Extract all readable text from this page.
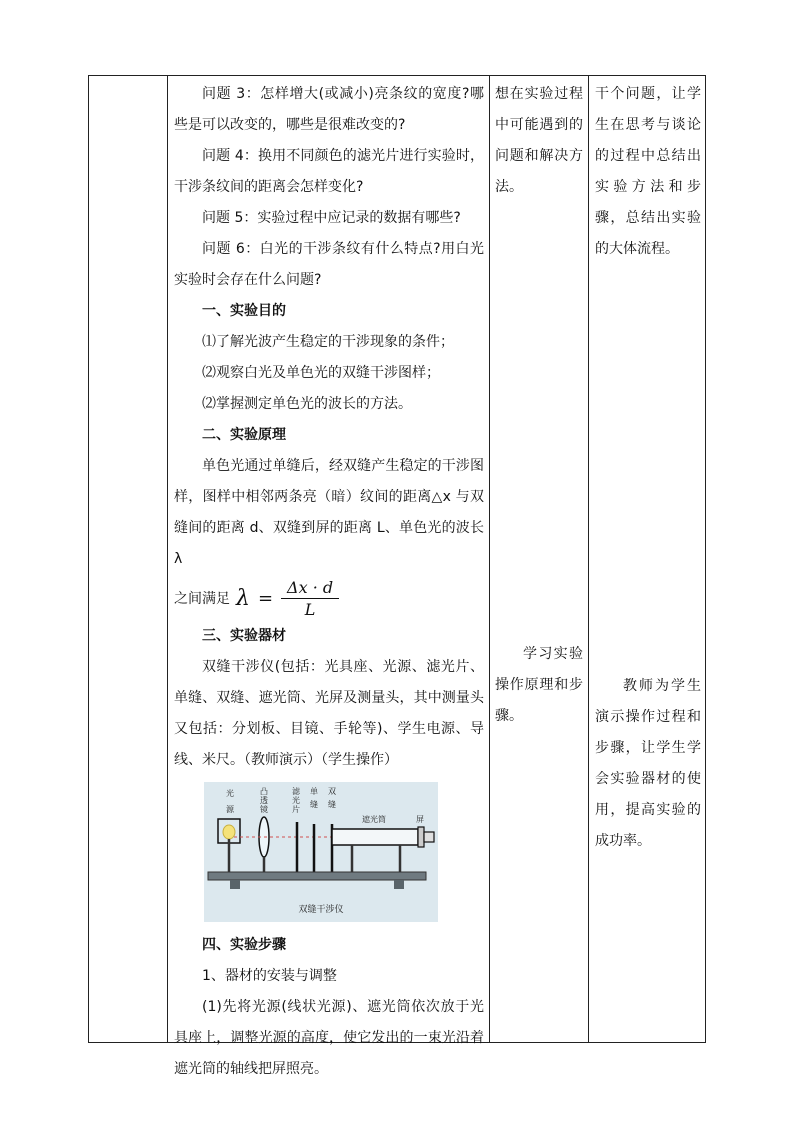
问题 3：怎样增大(或减小)亮条纹的宽度?哪些是可以改变的，哪些是很难改变的?

问题 4：换用不同颜色的滤光片进行实验时，干涉条纹间的距离会怎样变化?

问题 5：实验过程中应记录的数据有哪些?

问题 6：白光的干涉条纹有什么特点?用白光实验时会存在什么问题?

一、实验目的

⑴了解光波产生稳定的干涉现象的条件；

⑵观察白光及单色光的双缝干涉图样；

⑵掌握测定单色光的波长的方法。

二、实验原理

单色光通过单缝后，经双缝产生稳定的干涉图样，图样中相邻两条亮（暗）纹间的距离△x 与双缝间的距离 d、双缝到屏的距离 L、单色光的波长λ

之间满足 $\lambda = \frac{\Delta x \cdot d}{L}$

三、实验器材

双缝干涉仪(包括：光具座、光源、滤光片、单缝、双缝、遮光筒、光屏及测量头，其中测量头又包括：分划板、目镜、手轮等)、学生电源、导线、米尺。（教师演示）（学生操作）

光源
凸透镜
滤光片
单缝
双缝
遮光筒	屏
双缝干涉仪

四、实验步骤

1、器材的安装与调整

(1)先将光源(线状光源)、遮光筒依次放于光具座上，调整光源的高度，使它发出的一束光沿着遮光筒的轴线把屏照亮。

想在实验过程中可能遇到的问题和解决方法。

学习实验操作原理和步骤。

干个问题，让学生在思考与谈论的过程中总结出实验方法和步骤，总结出实验的大体流程。

教师为学生演示操作过程和步骤，让学生学会实验器材的使用，提高实验的成功率。
